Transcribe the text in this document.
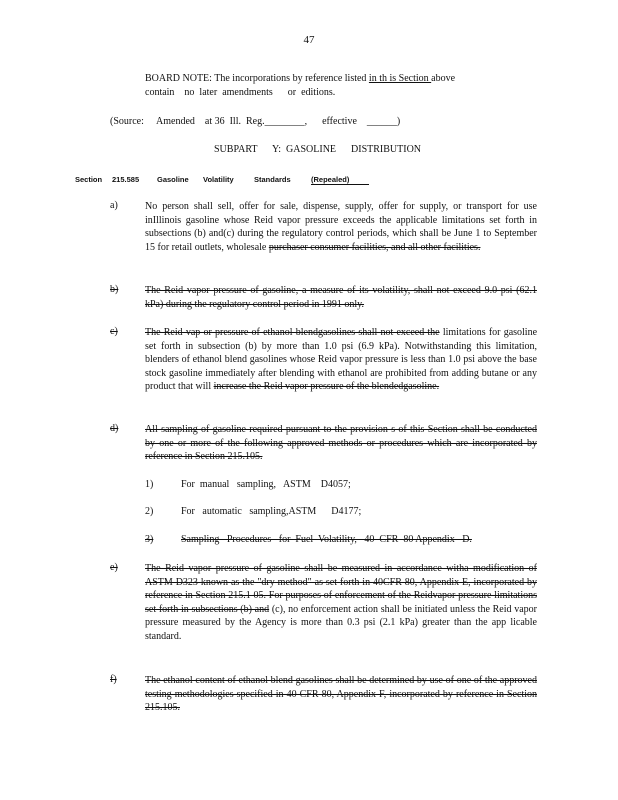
47
BOARD NOTE: The incorporations by reference listed in th is Section above
contain    no  later  amendments      or  editions.
(Source: Amended    at 36  Ill.  Reg.________,      effective    ______)
SUBPART      Y:  GASOLINE      DISTRIBUTION
Section 215.585 Gasoline Volatility	Standards	(Repealed)
a)	No person shall sell, offer for sale, dispense, supply, offer for supply, or transport for use inIllinois gasoline whose Reid vapor pressure exceeds the applicable limitations set forth in subsections (b) and(c) during the regulatory control periods, which shall be June 1 to September 15 for retail outlets, wholesale purchaser consumer facilities, and all other facilities.
b)	The Reid vapor pressure of gasoline, a measure of its volatility, shall not exceed 9.0 psi (62.1 kPa) during the regulatory control period in 1991 only.
c)	The Reid vap or pressure of ethanol blendgasolines shall not exceed the limitations for gasoline set forth in subsection (b) by more than 1.0 psi (6.9 kPa). Notwithstanding this limitation, blenders of ethanol blend gasolines whose Reid vapor pressure is less than 1.0 psi above the base stock gasoline immediately after blending with ethanol are prohibited from adding butane or any product that will increase the Reid vapor pressure of the blendedgasoline.
d)	All sampling of gasoline required pursuant to the provision s of this Section shall be conducted by one or more of the following approved methods or procedures which are incorporated by reference in Section 215.105.
1)	For  manual   sampling,   ASTM    D4057;
2)	For   automatic   sampling,ASTM      D4177;
3)	Sampling   Procedures   for  Fuel  Volatility,   40  CFR  80 Appendix   D.
e)	The Reid vapor pressure of gasoline shall be measured in accordance witha modification of ASTM D323 known as the "dry method" as set forth in 40CFR 80, Appendix E, incorporated by reference in Section 215.1 05. For purposes of enforcement of the Reidvapor pressure limitations set forth in subsections (b) and (c), no enforcement action shall be initiated unless the Reid vapor pressure measured by the Agency is more than 0.3 psi (2.1 kPa) greater than the app licable standard.
f)	The ethanol content of ethanol blend gasolines shall be determined by use of one of the approved testing methodologies specified in 40 CFR 80, Appendix F, incorporated by reference in Section 215.105.
